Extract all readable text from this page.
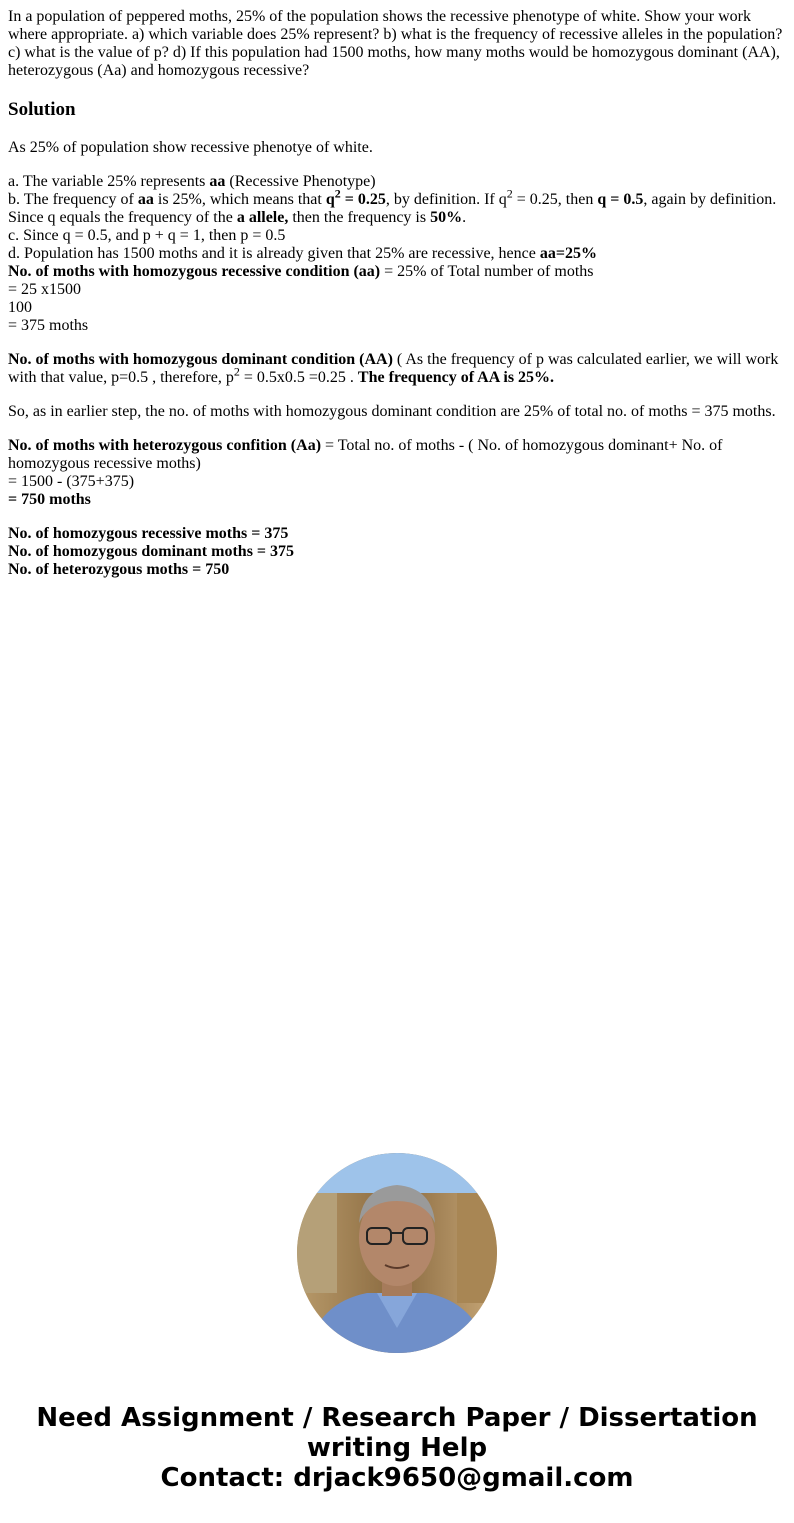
In a population of peppered moths, 25% of the population shows the recessive phenotype of white. Show your work where appropriate. a) which variable does 25% represent? b) what is the frequency of recessive alleles in the population? c) what is the value of p? d) If this population had 1500 moths, how many moths would be homozygous dominant (AA), heterozygous (Aa) and homozygous recessive?

Solution

As 25% of population show recessive phenotye of white.

a. The variable 25% represents aa (Recessive Phenotype)
b. The frequency of aa is 25%, which means that $q^2 = 0.25$, by definition. If $q^2 = 0.25$, then q = 0.5, again by definition. Since q equals the frequency of the a allele, then the frequency is 50%.
c. Since q = 0.5, and p + q = 1, then p = 0.5
d. Population has 1500 moths and it is already given that 25% are recessive, hence aa=25%
No. of moths with homozygous recessive condition (aa) = 25% of Total number of moths
= 25 x1500
100
= 375 moths

No. of moths with homozygous dominant condition (AA) ( As the frequency of p was calculated earlier, we will work with that value, p=0.5 , therefore, $p^2 = 0.5x0.5 =0.25$ . The frequency of AA is 25%.

So, as in earlier step, the no. of moths with homozygous dominant condition are 25% of total no. of moths = 375 moths.

No. of moths with heterozygous confition (Aa) = Total no. of moths - ( No. of homozygous dominant+ No. of homozygous recessive moths)
= 1500 - (375+375)
= 750 moths

No. of homozygous recessive moths = 375
No. of homozygous dominant moths = 375
No. of heterozygous moths = 750

Need Assignment / Research Paper / Dissertation
writing Help
Contact: drjack9650@gmail.com
